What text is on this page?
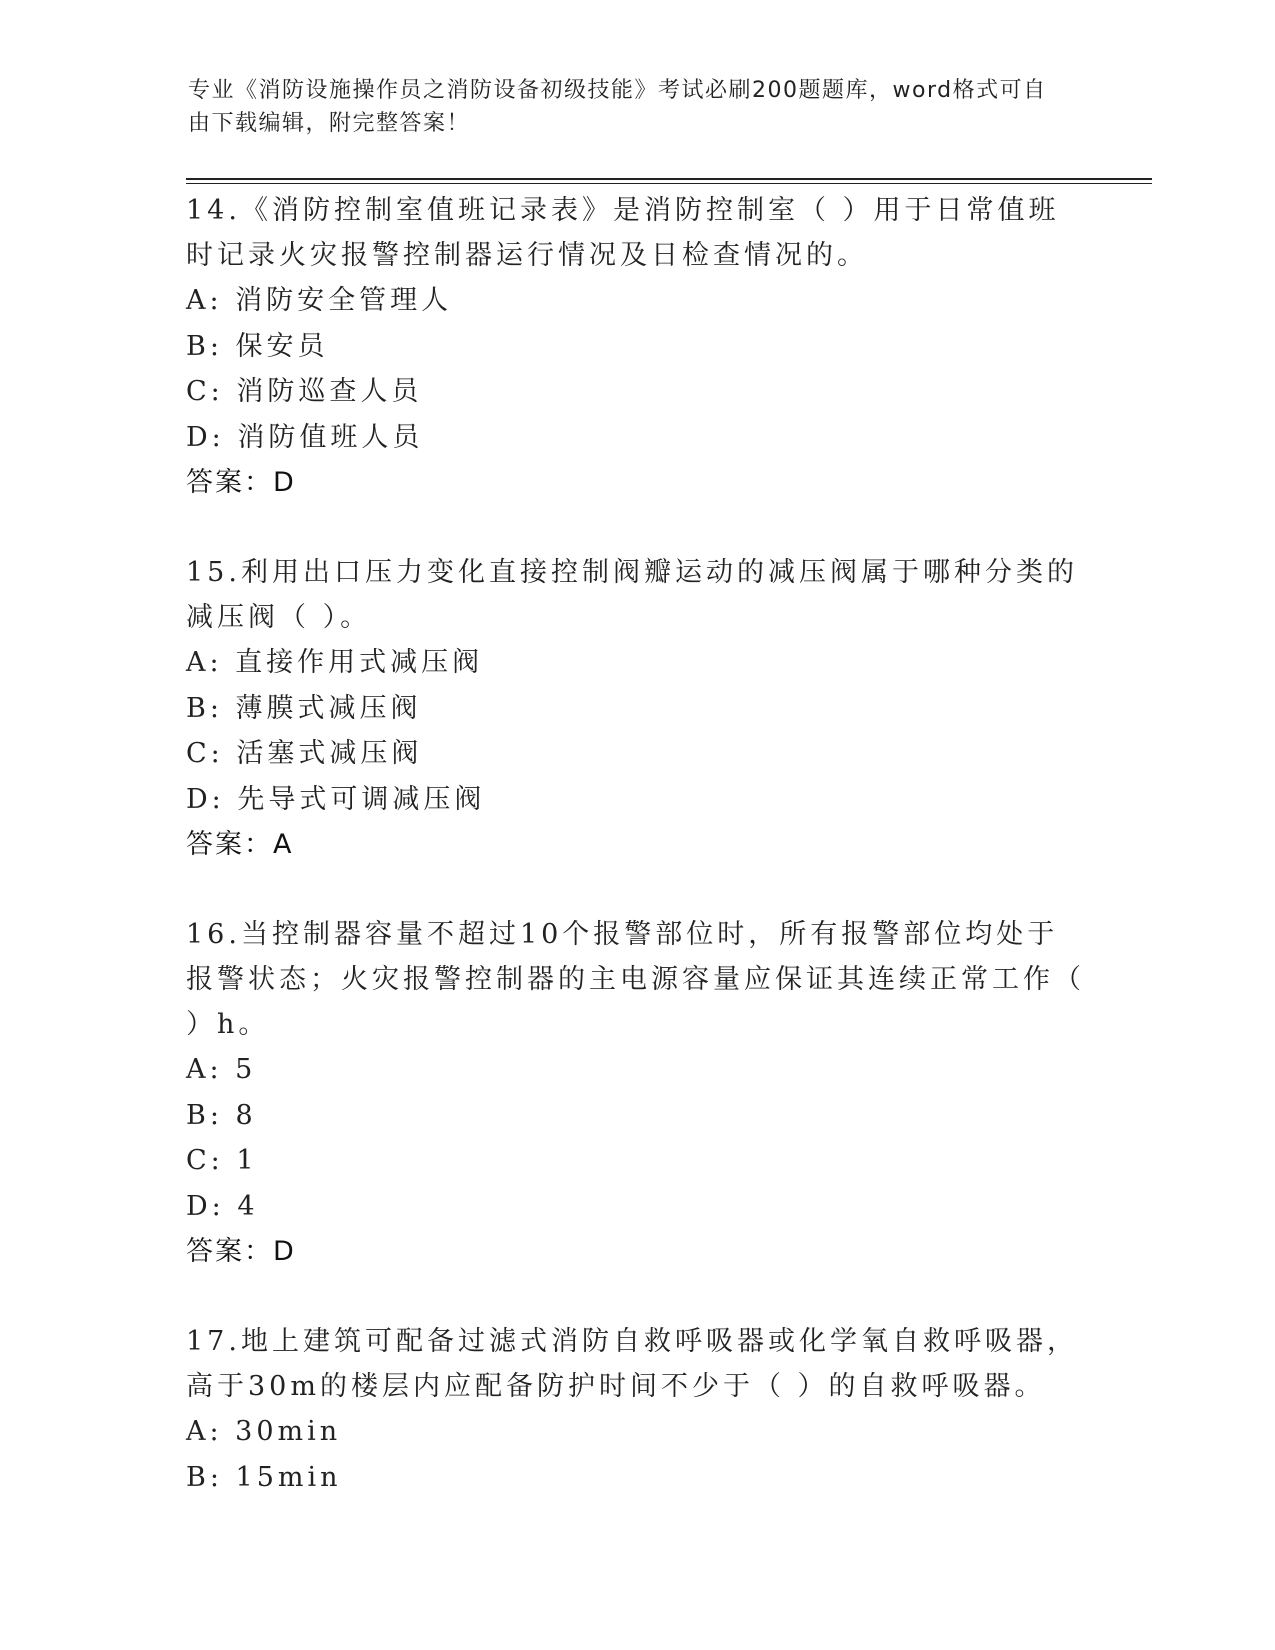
专业《消防设施操作员之消防设备初级技能》考试必刷200题题库，word格式可自由下载编辑，附完整答案！

14.《消防控制室值班记录表》是消防控制室（ ）用于日常值班时记录火灾报警控制器运行情况及日检查情况的。

A: 消防安全管理人

B: 保安员

C: 消防巡查人员

D: 消防值班人员

答案：D

15.利用出口压力变化直接控制阀瓣运动的减压阀属于哪种分类的减压阀（ ）。

A: 直接作用式减压阀

B: 薄膜式减压阀

C: 活塞式减压阀

D: 先导式可调减压阀

答案：A

16.当控制器容量不超过10个报警部位时，所有报警部位均处于报警状态；火灾报警控制器的主电源容量应保证其连续正常工作（ ）h。

A: 5

B: 8

C: 1

D: 4

答案：D

17.地上建筑可配备过滤式消防自救呼吸器或化学氧自救呼吸器，高于30m的楼层内应配备防护时间不少于（ ）的自救呼吸器。

A: 30min

B: 15min
